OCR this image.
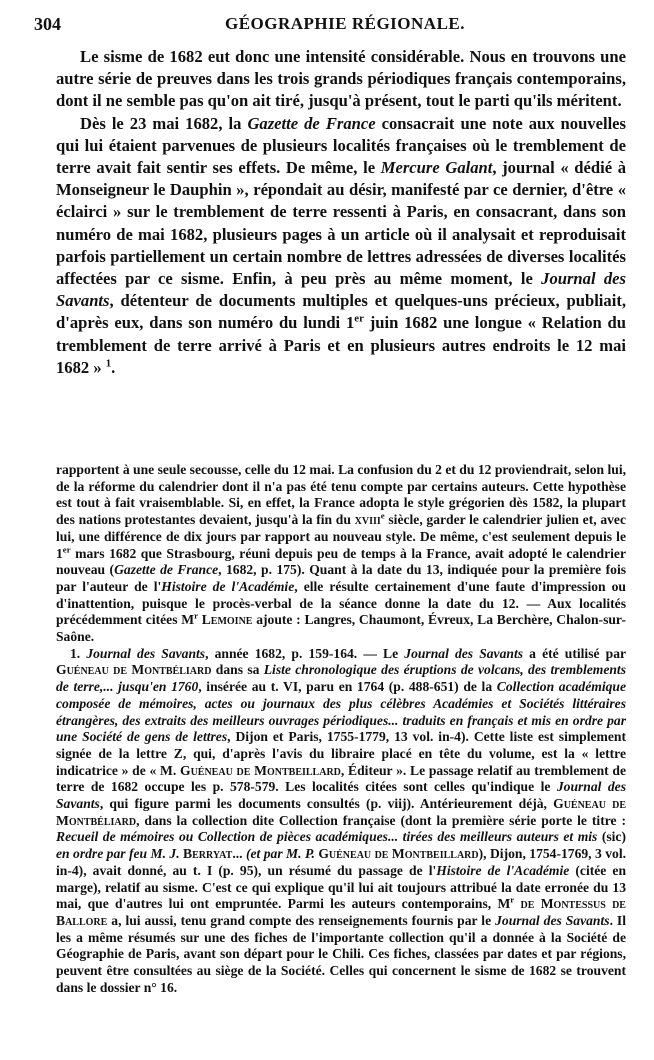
304	GÉOGRAPHIE RÉGIONALE.

Le sisme de 1682 eut donc une intensité considérable. Nous en trouvons une autre série de preuves dans les trois grands périodiques français contemporains, dont il ne semble pas qu'on ait tiré, jusqu'à présent, tout le parti qu'ils méritent.

Dès le 23 mai 1682, la Gazette de France consacrait une note aux nouvelles qui lui étaient parvenues de plusieurs localités françaises où le tremblement de terre avait fait sentir ses effets. De même, le Mercure Galant, journal « dédié à Monseigneur le Dauphin », répondait au désir, manifesté par ce dernier, d'être « éclairci » sur le tremblement de terre ressenti à Paris, en consacrant, dans son numéro de mai 1682, plusieurs pages à un article où il analysait et reproduisait parfois partiellement un certain nombre de lettres adressées de diverses localités affectées par ce sisme. Enfin, à peu près au même moment, le Journal des Savants, détenteur de documents multiples et quelques-uns précieux, publiait, d'après eux, dans son numéro du lundi 1er juin 1682 une longue « Relation du tremblement de terre arrivé à Paris et en plusieurs autres endroits le 12 mai 1682 » $^1$.

rapportent à une seule secousse, celle du 12 mai. La confusion du 2 et du 12 proviendrait, selon lui, de la réforme du calendrier dont il n'a pas été tenu compte par certains auteurs. Cette hypothèse est tout à fait vraisemblable. Si, en effet, la France adopta le style grégorien dès 1582, la plupart des nations protestantes devaient, jusqu'à la fin du xviii$^e$ siècle, garder le calendrier julien et, avec lui, une différence de dix jours par rapport au nouveau style. De même, c'est seulement depuis le 1er mars 1682 que Strasbourg, réuni depuis peu de temps à la France, avait adopté le calendrier nouveau (Gazette de France, 1682, p. 175). Quant à la date du 13, indiquée pour la première fois par l'auteur de l'Histoire de l'Académie, elle résulte certainement d'une faute d'impression ou d'inattention, puisque le procès-verbal de la séance donne la date du 12. — Aux localités précédemment citées $M^r$ Lemoine ajoute : Langres, Chaumont, Évreux, La Berchère, Chalon-sur-Saône.

1. Journal des Savants, année 1682, p. 159-164. — Le Journal des Savants a été utilisé par Guéneau de Montbéliard dans sa Liste chronologique des éruptions de volcans, des tremblements de terre,... jusqu'en 1760, insérée au t. VI, paru en 1764 (p. 488-651) de la Collection académique composée de mémoires, actes ou journaux des plus célèbres Académies et Sociétés littéraires étrangères, des extraits des meilleurs ouvrages périodiques... traduits en français et mis en ordre par une Société de gens de lettres, Dijon et Paris, 1755-1779, 13 vol. in-4). Cette liste est simplement signée de la lettre Z, qui, d'après l'avis du libraire placé en tête du volume, est la « lettre indicatrice » de « M. Guéneau de Montbeillard, Éditeur ». Le passage relatif au tremblement de terre de 1682 occupe les p. 578-579. Les localités citées sont celles qu'indique le Journal des Savants, qui figure parmi les documents consultés (p. viij). Antérieurement déjà, Guéneau de Montbéliard, dans la collection dite Collection française (dont la première série porte le titre : Recueil de mémoires ou Collection de pièces académiques... tirées des meilleurs auteurs et mis (sic) en ordre par feu M. J. Berryat... (et par M. P. Guéneau de Montbeillard), Dijon, 1754-1769, 3 vol. in-4), avait donné, au t. I (p. 95), un résumé du passage de l'Histoire de l'Académie (citée en marge), relatif au sisme. C'est ce qui explique qu'il lui ait toujours attribué la date erronée du 13 mai, que d'autres lui ont empruntée. Parmi les auteurs contemporains, $M^r$ de Montessus de Ballore a, lui aussi, tenu grand compte des renseignements fournis par le Journal des Savants. Il les a même résumés sur une des fiches de l'importante collection qu'il a donnée à la Société de Géographie de Paris, avant son départ pour le Chili. Ces fiches, classées par dates et par régions, peuvent être consultées au siège de la Société. Celles qui concernent le sisme de 1682 se trouvent dans le dossier n° 16.
